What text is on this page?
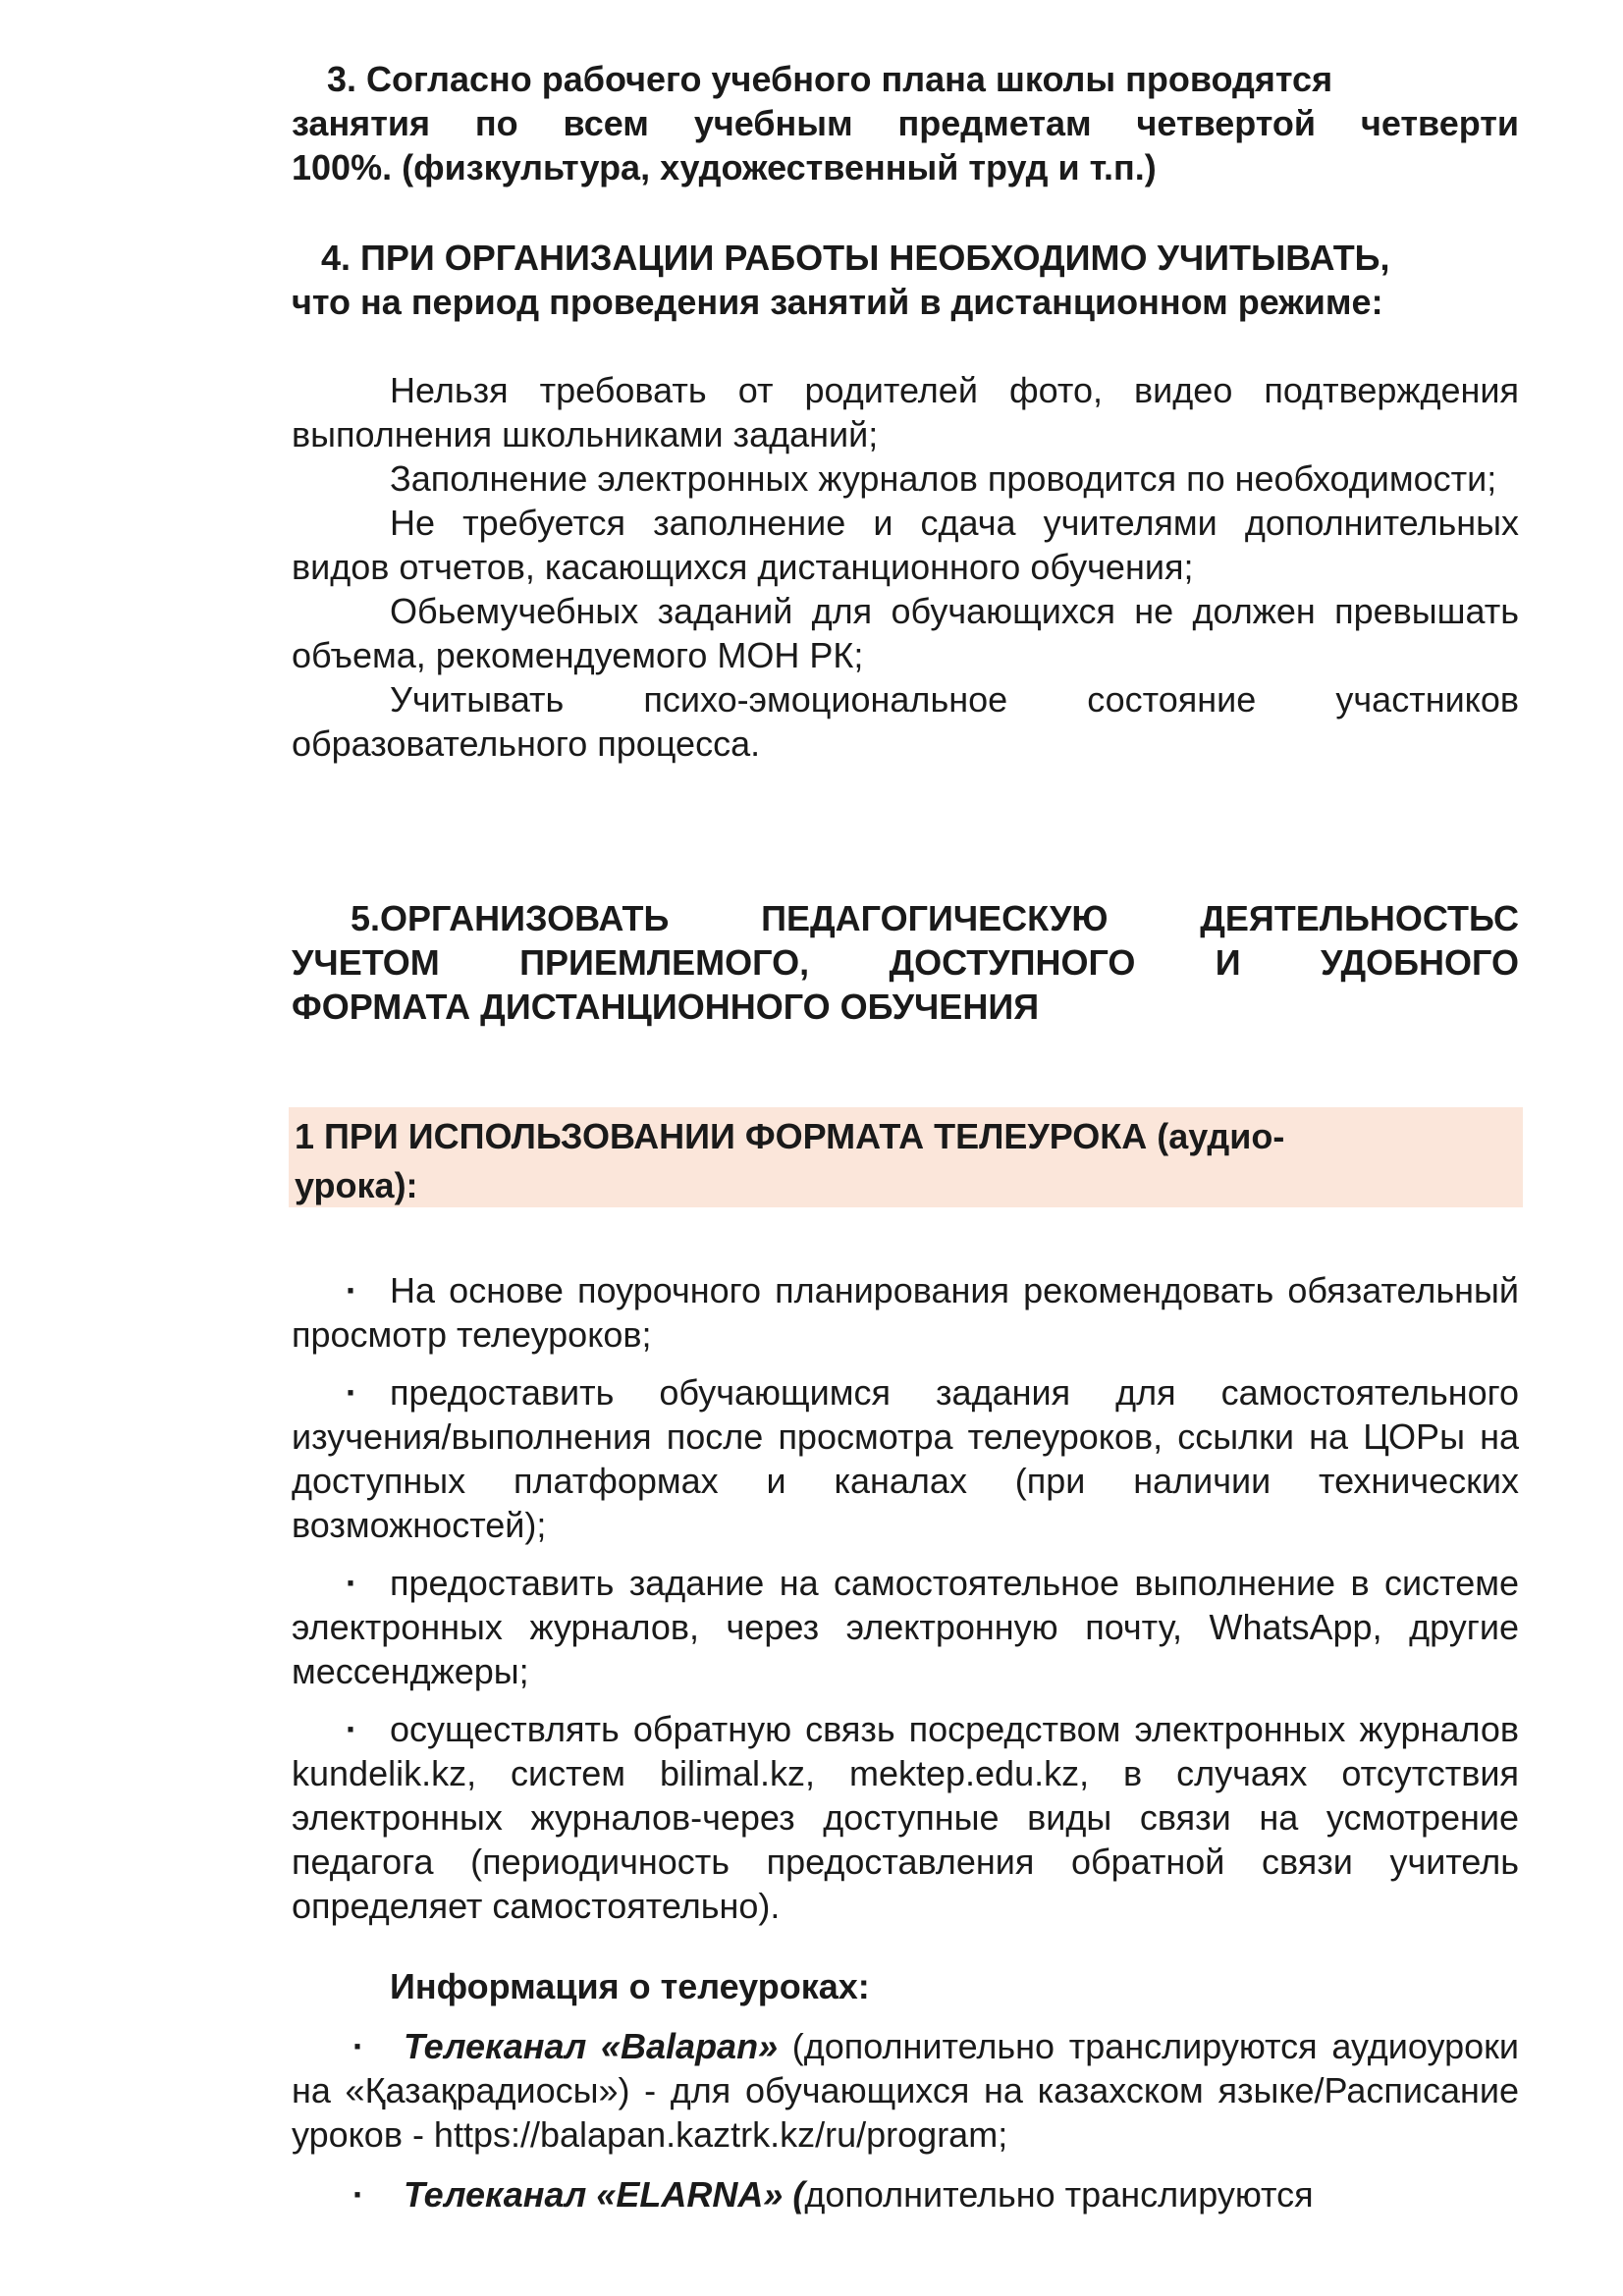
3. Согласно рабочего учебного плана школы проводятся

занятия по всем учебным предметам четвертой четверти

100%. (физкультура, художественный труд и т.п.)

4. ПРИ ОРГАНИЗАЦИИ РАБОТЫ НЕОБХОДИМО УЧИТЫВАТЬ,

что на период проведения занятий в дистанционном режиме:

Нельзя требовать от родителей фото, видео подтверждения выполнения школьниками заданий;

Заполнение электронных журналов проводится по необходимости;

Не требуется заполнение и сдача учителями дополнительных видов отчетов, касающихся дистанционного обучения;

Обьемучебных заданий для обучающихся не должен превышать объема, рекомендуемого МОН РК;

Учитывать психо-эмоциональное состояние участников образовательного процесса.

5.ОРГАНИЗОВАТЬ ПЕДАГОГИЧЕСКУЮ ДЕЯТЕЛЬНОСТЬС

УЧЕТОМ ПРИЕМЛЕМОГО, ДОСТУПНОГО И УДОБНОГО

ФОРМАТА ДИСТАНЦИОННОГО ОБУЧЕНИЯ

1 ПРИ ИСПОЛЬЗОВАНИИ ФОРМАТА ТЕЛЕУРОКА (аудио-
урока):
· На основе поурочного планирования рекомендовать обязательный просмотр телеуроков;

· предоставить обучающимся задания для самостоятельного изучения/выполнения после просмотра телеуроков, ссылки на ЦОРы на доступных платформах и каналах (при наличии технических возможностей);

· предоставить задание на самостоятельное выполнение в системе электронных журналов, через электронную почту, WhatsApp, другие мессенджеры;

· осуществлять обратную связь посредством электронных журналов kundelik.kz, систем bilimal.kz, mektep.edu.kz, в случаях отсутствия электронных журналов-через доступные виды связи на усмотрение педагога (периодичность предоставления обратной связи учитель определяет самостоятельно).

Информация о телеуроках:

·	Телеканал «Balapan» (дополнительно транслируются аудиоуроки на «Қазақрадиосы») - для обучающихся на казахском языке/Расписание уроков - https://balapan.kaztrk.kz/ru/program;

·	Телеканал «ELARNA» (дополнительно транслируются
